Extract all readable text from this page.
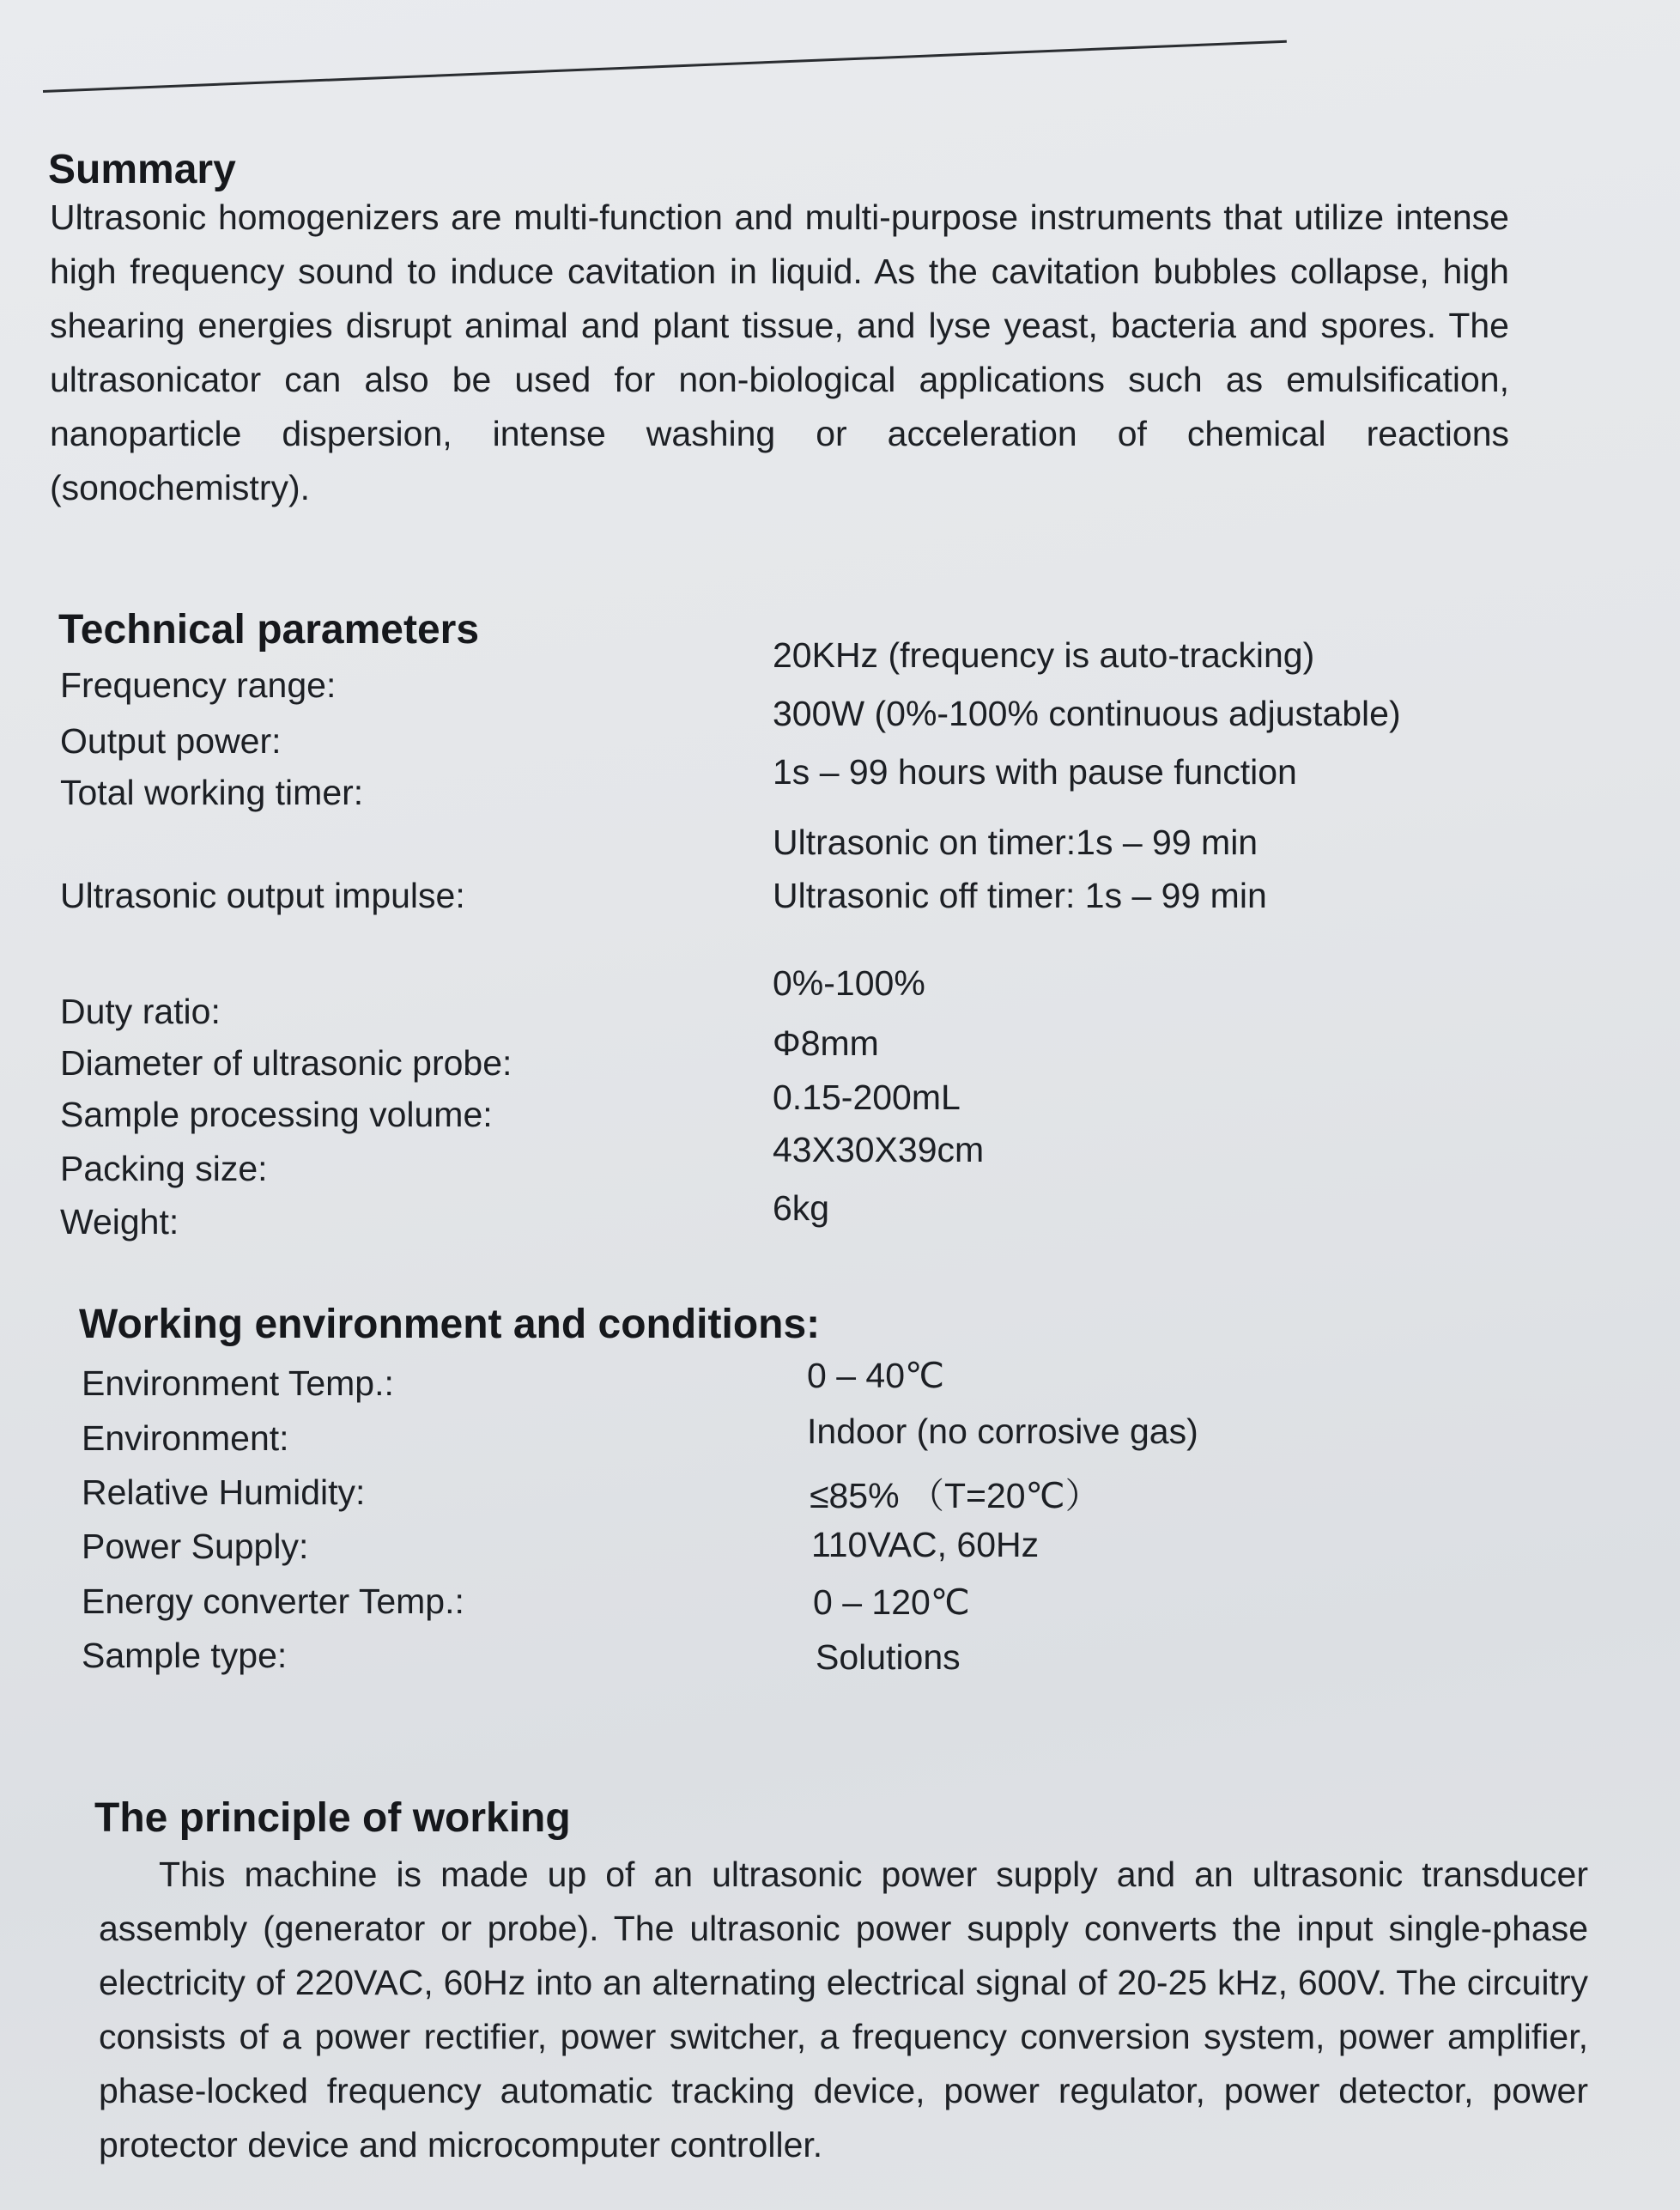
Summary

Ultrasonic homogenizers are multi-function and multi-purpose instruments that utilize intense high frequency sound to induce cavitation in liquid. As the cavitation bubbles collapse, high shearing energies disrupt animal and plant tissue, and lyse yeast, bacteria and spores. The ultrasonicator can also be used for non-biological applications such as emulsification, nanoparticle dispersion, intense washing or acceleration of chemical reactions (sonochemistry).

Technical parameters
Frequency range:
20KHz (frequency is auto-tracking)
Output power:
300W (0%-100% continuous adjustable)
Total working timer:
1s – 99 hours with pause function
Ultrasonic output impulse:
Ultrasonic on timer:1s – 99 min
Ultrasonic off timer: 1s – 99 min
Duty ratio:
0%-100%
Diameter of ultrasonic probe:	Φ8mm
Sample processing volume:	0.15-200mL
Packing size:	43X30X39cm
Weight:	6kg
Working environment and conditions:
Environment Temp.:	0 – 40℃
Environment:	Indoor (no corrosive gas)
Relative Humidity:	≤85% （T=20℃）
Power Supply:	110VAC, 60Hz
Energy converter Temp.:	0 – 120℃
Sample type:	Solutions
The principle of working
This machine is made up of an ultrasonic power supply and an ultrasonic transducer assembly (generator or probe). The ultrasonic power supply converts the input single-phase electricity of 220VAC, 60Hz into an alternating electrical signal of 20-25 kHz, 600V. The circuitry consists of a power rectifier, power switcher, a frequency conversion system, power amplifier, phase-locked frequency automatic tracking device, power regulator, power detector, power protector device and microcomputer controller.
